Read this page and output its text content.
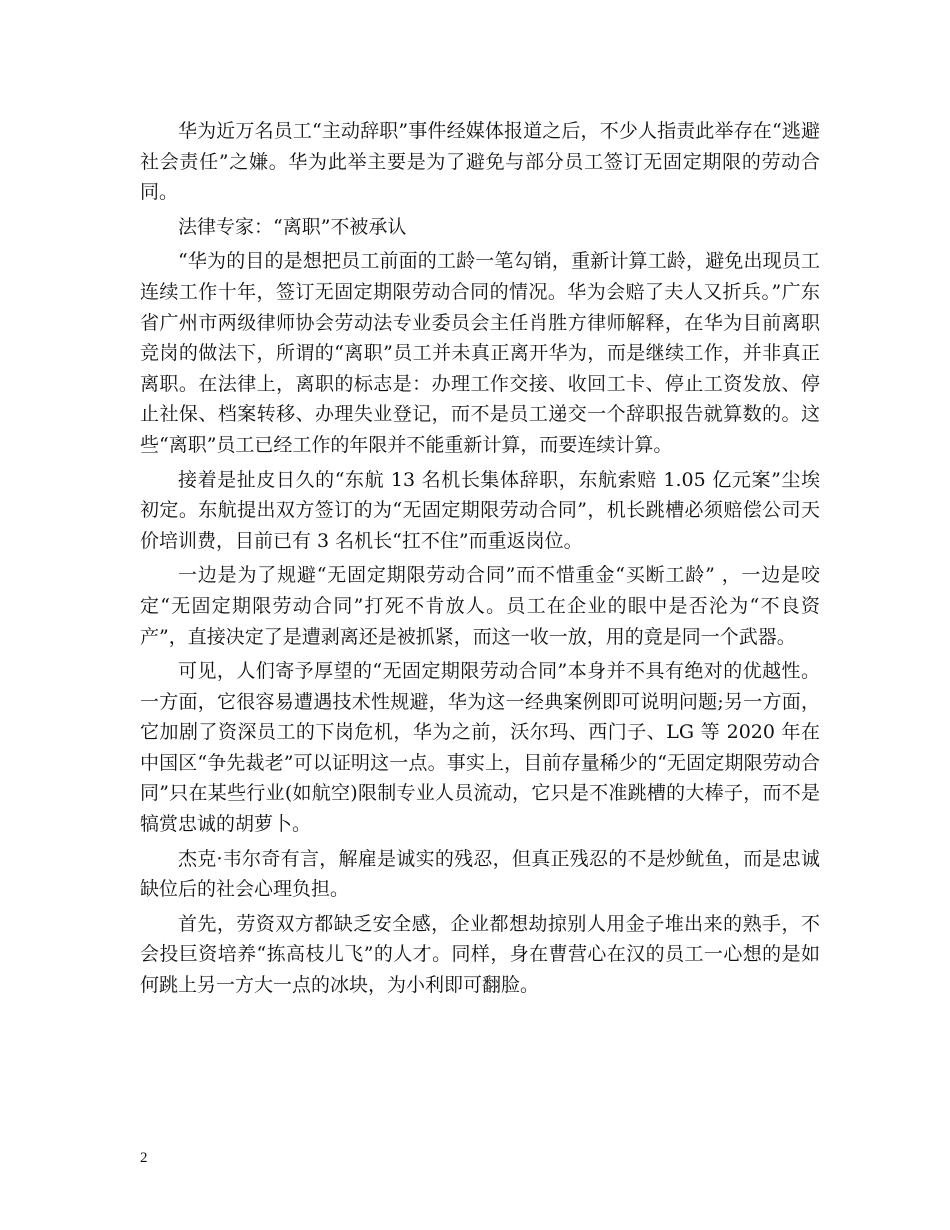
华为近万名员工“主动辞职”事件经媒体报道之后，不少人指责此举存在“逃避社会责任”之嫌。华为此举主要是为了避免与部分员工签订无固定期限的劳动合同。

法律专家：“离职”不被承认

“华为的目的是想把员工前面的工龄一笔勾销，重新计算工龄，避免出现员工连续工作十年，签订无固定期限劳动合同的情况。华为会赔了夫人又折兵。”广东省广州市两级律师协会劳动法专业委员会主任肖胜方律师解释，在华为目前离职竞岗的做法下，所谓的“离职”员工并未真正离开华为，而是继续工作，并非真正离职。在法律上，离职的标志是：办理工作交接、收回工卡、停止工资发放、停止社保、档案转移、办理失业登记，而不是员工递交一个辞职报告就算数的。这些“离职”员工已经工作的年限并不能重新计算，而要连续计算。

接着是扯皮日久的“东航 13 名机长集体辞职，东航索赔 1.05 亿元案”尘埃初定。东航提出双方签订的为“无固定期限劳动合同”，机长跳槽必须赔偿公司天价培训费，目前已有 3 名机长“扛不住”而重返岗位。

一边是为了规避“无固定期限劳动合同”而不惜重金“买断工龄” ，一边是咬定“无固定期限劳动合同”打死不肯放人。员工在企业的眼中是否沦为“不良资产”，直接决定了是遭剥离还是被抓紧，而这一收一放，用的竟是同一个武器。

可见，人们寄予厚望的“无固定期限劳动合同”本身并不具有绝对的优越性。一方面，它很容易遭遇技术性规避，华为这一经典案例即可说明问题;另一方面，它加剧了资深员工的下岗危机，华为之前，沃尔玛、西门子、LG 等 2020 年在中国区“争先裁老”可以证明这一点。事实上，目前存量稀少的“无固定期限劳动合同”只在某些行业(如航空)限制专业人员流动，它只是不准跳槽的大棒子，而不是犒赏忠诚的胡萝卜。

杰克·韦尔奇有言，解雇是诚实的残忍，但真正残忍的不是炒鱿鱼，而是忠诚缺位后的社会心理负担。

首先，劳资双方都缺乏安全感，企业都想劫掠别人用金子堆出来的熟手，不会投巨资培养“拣高枝儿飞”的人才。同样，身在曹营心在汉的员工一心想的是如何跳上另一方大一点的冰块，为小利即可翻脸。

2
